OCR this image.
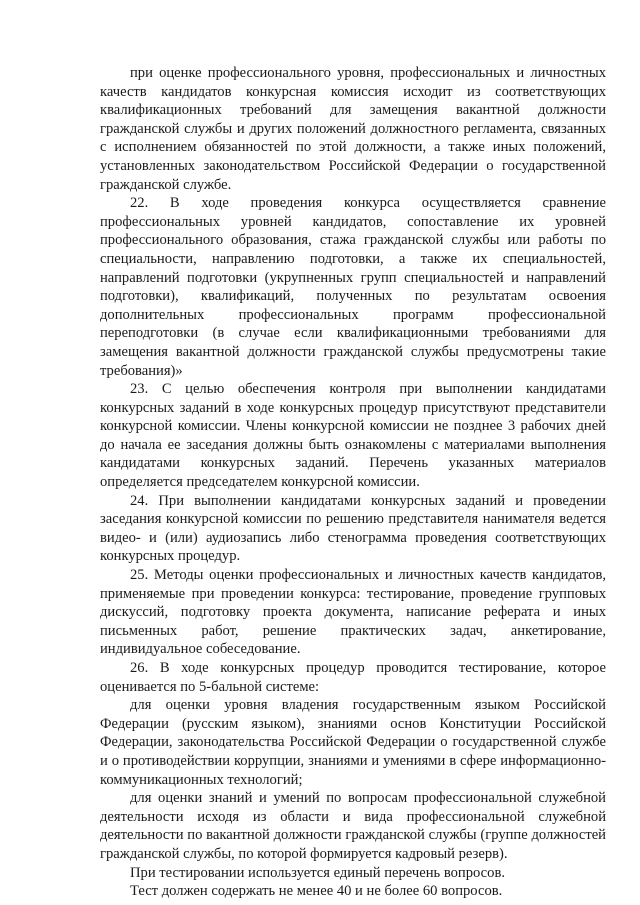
при оценке профессионального уровня, профессиональных и личностных качеств кандидатов конкурсная комиссия исходит из соответствующих квалификационных требований для замещения вакантной должности гражданской службы и других положений должностного регламента, связанных с исполнением обязанностей по этой должности, а также иных положений, установленных законодательством Российской Федерации о государственной гражданской службе.

22. В ходе проведения конкурса осуществляется сравнение профессиональных уровней кандидатов, сопоставление их уровней профессионального образования, стажа гражданской службы или работы по специальности, направлению подготовки, а также их специальностей, направлений подготовки (укрупненных групп специальностей и направлений подготовки), квалификаций, полученных по результатам освоения дополнительных профессиональных программ профессиональной переподготовки (в случае если квалификационными требованиями для замещения вакантной должности гражданской службы предусмотрены такие требования)»

23. С целью обеспечения контроля при выполнении кандидатами конкурсных заданий в ходе конкурсных процедур присутствуют представители конкурсной комиссии. Члены конкурсной комиссии не позднее 3 рабочих дней до начала ее заседания должны быть ознакомлены с материалами выполнения кандидатами конкурсных заданий. Перечень указанных материалов определяется председателем конкурсной комиссии.

24. При выполнении кандидатами конкурсных заданий и проведении заседания конкурсной комиссии по решению представителя нанимателя ведется видео- и (или) аудиозапись либо стенограмма проведения соответствующих конкурсных процедур.

25. Методы оценки профессиональных и личностных качеств кандидатов, применяемые при проведении конкурса: тестирование, проведение групповых дискуссий, подготовку проекта документа, написание реферата и иных письменных работ, решение практических задач, анкетирование, индивидуальное собеседование.

26. В ходе конкурсных процедур проводится тестирование, которое оценивается по 5-бальной системе:

для оценки уровня владения государственным языком Российской Федерации (русским языком), знаниями основ Конституции Российской Федерации, законодательства Российской Федерации о государственной службе и о противодействии коррупции, знаниями и умениями в сфере информационно-коммуникационных технологий;

для оценки знаний и умений по вопросам профессиональной служебной деятельности исходя из области и вида профессиональной служебной деятельности по вакантной должности гражданской службы (группе должностей гражданской службы, по которой формируется кадровый резерв).

При тестировании используется единый перечень вопросов.

Тест должен содержать не менее 40 и не более 60 вопросов.
